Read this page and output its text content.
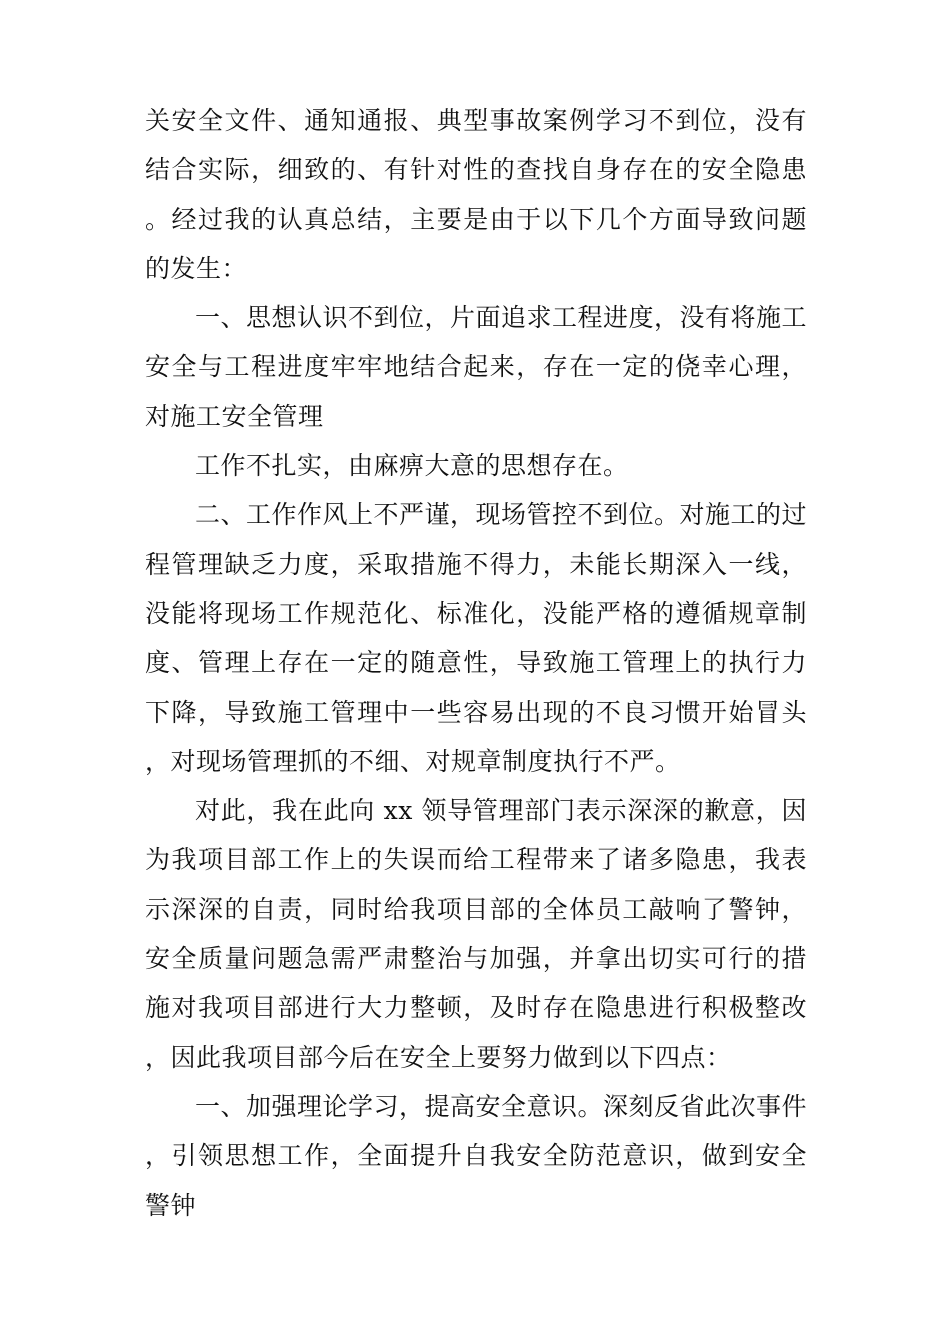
关安全文件、通知通报、典型事故案例学习不到位，没有结合实际，细致的、有针对性的查找自身存在的安全隐患。经过我的认真总结，主要是由于以下几个方面导致问题的发生：

一、思想认识不到位，片面追求工程进度，没有将施工安全与工程进度牢牢地结合起来，存在一定的侥幸心理，对施工安全管理

工作不扎实，由麻痹大意的思想存在。

二、工作作风上不严谨，现场管控不到位。对施工的过程管理缺乏力度，采取措施不得力，未能长期深入一线，没能将现场工作规范化、标准化，没能严格的遵循规章制度、管理上存在一定的随意性，导致施工管理上的执行力下降，导致施工管理中一些容易出现的不良习惯开始冒头，对现场管理抓的不细、对规章制度执行不严。

对此，我在此向 xx 领导管理部门表示深深的歉意，因为我项目部工作上的失误而给工程带来了诸多隐患，我表示深深的自责，同时给我项目部的全体员工敲响了警钟，安全质量问题急需严肃整治与加强，并拿出切实可行的措施对我项目部进行大力整顿，及时存在隐患进行积极整改，因此我项目部今后在安全上要努力做到以下四点：

一、加强理论学习，提高安全意识。深刻反省此次事件，引领思想工作，全面提升自我安全防范意识，做到安全警钟
